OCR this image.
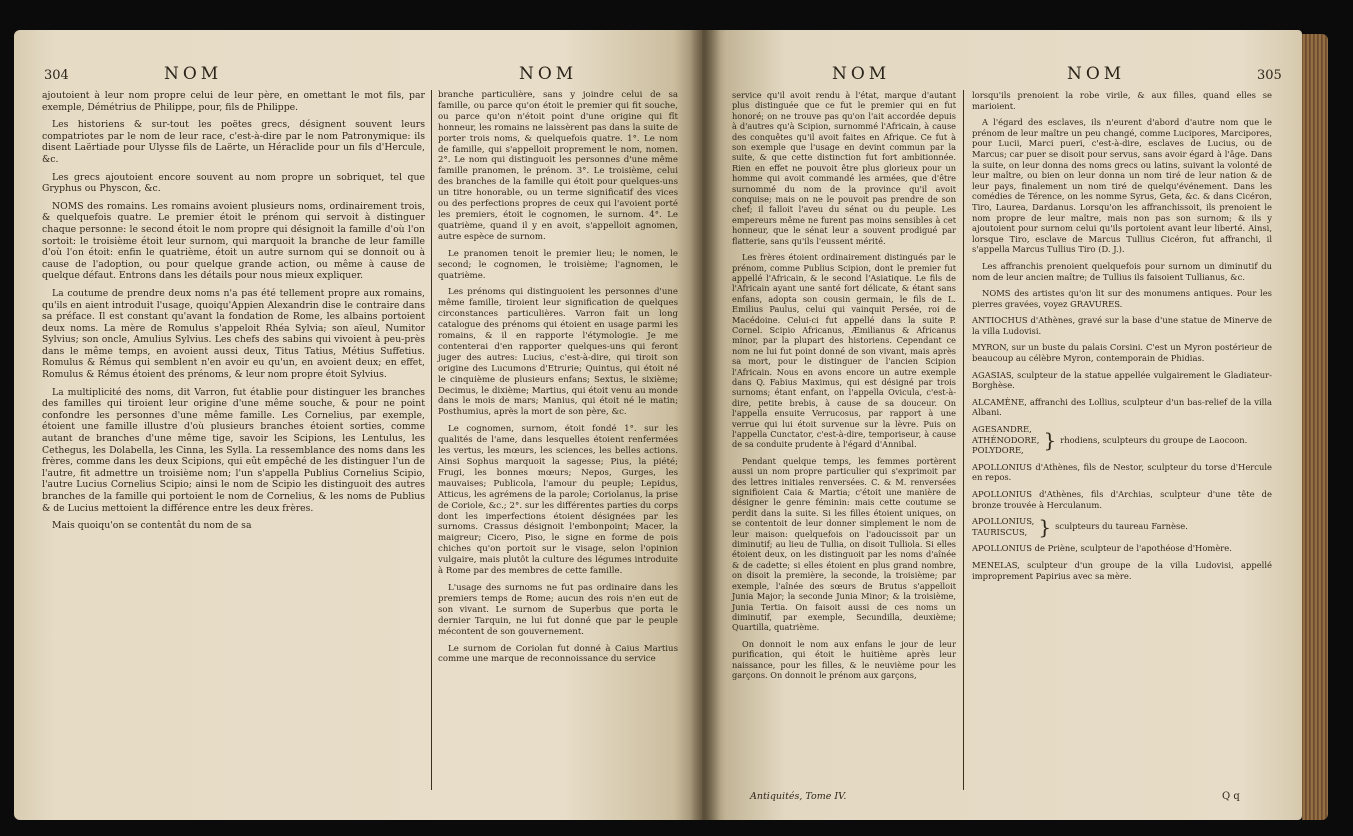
304	NOM	NOM

ajoutoient à leur nom propre celui de leur père, en omettant le mot fils, par exemple, Démétrius de Philippe, pour, fils de Philippe.

Les historiens & sur-tout les poëtes grecs, désignent souvent leurs compatriotes par le nom de leur race, c'est-à-dire par le nom Patronymique: ils disent Laërtiade pour Ulysse fils de Laërte, un Héraclide pour un fils d'Hercule, &c.

Les grecs ajoutoient encore souvent au nom propre un sobriquet, tel que Gryphus ou Physcon, &c.

NOMS des romains. Les romains avoient plusieurs noms, ordinairement trois, & quelquefois quatre. Le premier étoit le prénom qui servoit à distinguer chaque personne: le second étoit le nom propre qui désignoit la famille d'où l'on sortoit: le troisième étoit leur surnom, qui marquoit la branche de leur famille d'où l'on étoit: enfin le quatrième, étoit un autre surnom qui se donnoit ou à cause de l'adoption, ou pour quelque grande action, ou même à cause de quelque défaut. Entrons dans les détails pour nous mieux expliquer.

La coutume de prendre deux noms n'a pas été tellement propre aux romains, qu'ils en aient introduit l'usage, quoiqu'Appien Alexandrin dise le contraire dans sa préface. Il est constant qu'avant la fondation de Rome, les albains portoient deux noms. La mère de Romulus s'appeloit Rhéa Sylvia; son aïeul, Numitor Sylvius; son oncle, Amulius Sylvius. Les chefs des sabins qui vivoient à peu-près dans le même temps, en avoient aussi deux, Titus Tatius, Métius Suffetius. Romulus & Rémus qui semblent n'en avoir eu qu'un, en avoient deux; en effet, Romulus & Rémus étoient des prénoms, & leur nom propre étoit Sylvius.

La multiplicité des noms, dit Varron, fut établie pour distinguer les branches des familles qui tiroient leur origine d'une même souche, & pour ne point confondre les personnes d'une même famille. Les Cornelius, par exemple, étoient une famille illustre d'où plusieurs branches étoient sorties, comme autant de branches d'une même tige, savoir les Scipions, les Lentulus, les Cethegus, les Dolabella, les Cinna, les Sylla. La ressemblance des noms dans les frères, comme dans les deux Scipions, qui eût empêché de les distinguer l'un de l'autre, fit admettre un troisième nom; l'un s'appella Publius Cornelius Scipio, l'autre Lucius Cornelius Scipio; ainsi le nom de Scipio les distinguoit des autres branches de la famille qui portoient le nom de Cornelius, & les noms de Publius & de Lucius mettoient la différence entre les deux frères.

Mais quoiqu'on se contentât du nom de sa

branche particulière, sans y joindre celui de sa famille, ou parce qu'on étoit le premier qui fit souche, ou parce qu'on n'étoit point d'une origine qui fît honneur, les romains ne laissèrent pas dans la suite de porter trois noms, & quelquefois quatre. 1°. Le nom de famille, qui s'appelloit proprement le nom, nomen. 2°. Le nom qui distinguoit les personnes d'une même famille pranomen, le prénom. 3°. Le troisième, celui des branches de la famille qui étoit pour quelques-uns un titre honorable, ou un terme significatif des vices ou des perfections propres de ceux qui l'avoient porté les premiers, étoit le cognomen, le surnom. 4°. Le quatrième, quand il y en avoit, s'appelloit agnomen, autre espèce de surnom.

Le pranomen tenoit le premier lieu; le nomen, le second; le cognomen, le troisième; l'agnomen, le quatrième.

Les prénoms qui distinguoient les personnes d'une même famille, tiroient leur signification de quelques circonstances particulières. Varron fait un long catalogue des prénoms qui étoient en usage parmi les romains, & il en rapporte l'étymologie. Je me contenterai d'en rapporter quelques-uns qui feront juger des autres: Lucius, c'est-à-dire, qui tiroit son origine des Lucumons d'Etrurie; Quintus, qui étoit né le cinquième de plusieurs enfans; Sextus, le sixième; Decimus, le dixième; Martius, qui étoit venu au monde dans le mois de mars; Manius, qui étoit né le matin; Posthumius, après la mort de son père, &c.

Le cognomen, surnom, étoit fondé 1°. sur les qualités de l'ame, dans lesquelles étoient renfermées les vertus, les mœurs, les sciences, les belles actions. Ainsi Sophus marquoit la sagesse; Pius, la piété; Frugi, les bonnes mœurs; Nepos, Gurges, les mauvaises; Publicola, l'amour du peuple; Lepidus, Atticus, les agrémens de la parole; Coriolanus, la prise de Coriole, &c.; 2°. sur les différentes parties du corps dont les imperfections étoient désignées par les surnoms. Crassus désignoit l'embonpoint; Macer, la maigreur; Cicero, Piso, le signe en forme de pois chiches qu'on portoit sur le visage, selon l'opinion vulgaire, mais plutôt la culture des légumes introduite à Rome par des membres de cette famille.

L'usage des surnoms ne fut pas ordinaire dans les premiers temps de Rome; aucun des rois n'en eut de son vivant. Le surnom de Superbus que porta le dernier Tarquin, ne lui fut donné que par le peuple mécontent de son gouvernement.

Le surnom de Coriolan fut donné à Caius Martius comme une marque de reconnoissance du service

NOM	NOM	305

service qu'il avoit rendu à l'état, marque d'autant plus distinguée que ce fut le premier qui en fut honoré; on ne trouve pas qu'on l'ait accordée depuis à d'autres qu'à Scipion, surnommé l'Africain, à cause des conquêtes qu'il avoit faites en Afrique. Ce fut à son exemple que l'usage en devint commun par la suite, & que cette distinction fut fort ambitionnée. Rien en effet ne pouvoit être plus glorieux pour un homme qui avoit commandé les armées, que d'être surnommé du nom de la province qu'il avoit conquise; mais on ne le pouvoit pas prendre de son chef; il falloit l'aveu du sénat ou du peuple. Les empereurs même ne furent pas moins sensibles à cet honneur, que le sénat leur a souvent prodigué par flatterie, sans qu'ils l'eussent mérité.

Les frères étoient ordinairement distingués par le prénom, comme Publius Scipion, dont le premier fut appellé l'Africain, & le second l'Asiatique. Le fils de l'Africain ayant une santé fort délicate, & étant sans enfans, adopta son cousin germain, le fils de L. Emilius Paulus, celui qui vainquit Persée, roi de Macédoine. Celui-ci fut appellé dans la suite P. Cornel. Scipio Africanus, Æmilianus & Africanus minor, par la plupart des historiens. Cependant ce nom ne lui fut point donné de son vivant, mais après sa mort, pour le distinguer de l'ancien Scipion l'Africain. Nous en avons encore un autre exemple dans Q. Fabius Maximus, qui est désigné par trois surnoms; étant enfant, on l'appella Ovicula, c'est-à-dire, petite brebis, à cause de sa douceur. On l'appella ensuite Verrucosus, par rapport à une verrue qui lui étoit survenue sur la lèvre. Puis on l'appella Cunctator, c'est-à-dire, temporiseur, à cause de sa conduite prudente à l'égard d'Annibal.

Pendant quelque temps, les femmes portèrent aussi un nom propre particulier qui s'exprimoit par des lettres initiales renversées. C. & M. renversées signifioient Caia & Martia; c'étoit une manière de désigner le genre féminin: mais cette coutume se perdit dans la suite. Si les filles étoient uniques, on se contentoit de leur donner simplement le nom de leur maison: quelquefois on l'adoucissoit par un diminutif; au lieu de Tullia, on disoit Tulliola. Si elles étoient deux, on les distinguoit par les noms d'aînée & de cadette; si elles étoient en plus grand nombre, on disoit la première, la seconde, la troisième; par exemple, l'aînée des sœurs de Brutus s'appelloit Junia Major; la seconde Junia Minor; & la troisième, Junia Tertia. On faisoit aussi de ces noms un diminutif, par exemple, Secundilla, deuxième; Quartilla, quatrième.

On donnoit le nom aux enfans le jour de leur purification, qui étoit le huitième après leur naissance, pour les filles, & le neuvième pour les garçons. On donnoit le prénom aux garçons,

Antiquités, Tome IV.

lorsqu'ils prenoient la robe virile, & aux filles, quand elles se marioient.

A l'égard des esclaves, ils n'eurent d'abord d'autre nom que le prénom de leur maître un peu changé, comme Lucipores, Marcipores, pour Lucii, Marci pueri, c'est-à-dire, esclaves de Lucius, ou de Marcus; car puer se disoit pour servus, sans avoir égard à l'âge. Dans la suite, on leur donna des noms grecs ou latins, suivant la volonté de leur maître, ou bien on leur donna un nom tiré de leur nation & de leur pays, finalement un nom tiré de quelqu'événement. Dans les comédies de Térence, on les nomme Syrus, Geta, &c. & dans Cicéron, Tiro, Laurea, Dardanus. Lorsqu'on les affranchissoit, ils prenoient le nom propre de leur maître, mais non pas son surnom; & ils y ajoutoient pour surnom celui qu'ils portoient avant leur liberté. Ainsi, lorsque Tiro, esclave de Marcus Tullius Cicéron, fut affranchi, il s'appella Marcus Tullius Tiro (D. J.).

Les affranchis prenoient quelquefois pour surnom un diminutif du nom de leur ancien maître; de Tullius ils faisoient Tullianus, &c.

NOMS des artistes qu'on lit sur des monumens antiques. Pour les pierres gravées, voyez GRAVURES.

ANTIOCHUS d'Athènes, gravé sur la base d'une statue de Minerve de la villa Ludovisi.

MYRON, sur un buste du palais Corsini. C'est un Myron postérieur de beaucoup au célèbre Myron, contemporain de Phidias.

AGASIAS, sculpteur de la statue appellée vulgairement le Gladiateur-Borghèse.

ALCAMÈNE, affranchi des Lollius, sculpteur d'un bas-relief de la villa Albani.

AGESANDRE,
ATHÉNODORE,
POLYDORE, } rhodiens, sculpteurs du groupe de Laocoon.

APOLLONIUS d'Athènes, fils de Nestor, sculpteur du torse d'Hercule en repos.

APOLLONIUS d'Athènes, fils d'Archias, sculpteur d'une tête de bronze trouvée à Herculanum.

APOLLONIUS,
TAURISCUS, } sculpteurs du taureau Farnèse.

APOLLONIUS de Priène, sculpteur de l'apothéose d'Homère.

MENELAS, sculpteur d'un groupe de la villa Ludovisi, appellé improprement Papirius avec sa mère.

Q q
